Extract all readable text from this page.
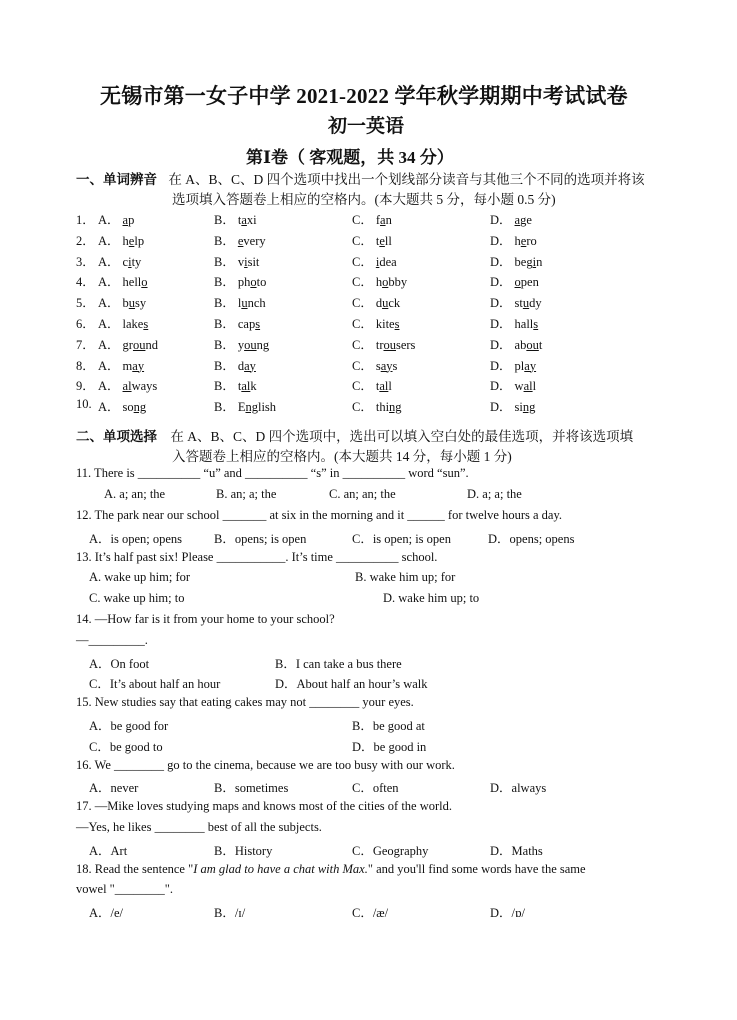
无锡市第一女子中学 2021-2022 学年秋学期期中考试试卷
初一英语
第Ⅰ卷（ 客观题，共 34 分）
一、单词辨音 在 A、B、C、D 四个选项中找出一个划线部分读音与其他三个不同的选项并将该
选项填入答题卷上相应的空格内。(本大题共 5 分，每小题 0.5 分)
1． A． ap	B． taxi	C． fan	D． age
2． A． help	B． every	C． tell	D． hero
3． A． city	B． visit	C． idea	D． begin
4． A． hello	B． photo	C． hobby	D． open
5． A． busy	B． lunch	C． duck	D． study
6． A． lakes	B． caps	C． kites	D． halls
7． A． ground	B． young	C． trousers	D． about
8． A． may	B． day	C． says	D． play
9． A． always	B． talk	C． tall	D． wall
10. A． song	B． English	C． thing	D． sing
二、单项选择 在 A、B、C、D 四个选项中，选出可以填入空白处的最佳选项，并将该选项填
入答题卷上相应的空格内。(本大题共 14 分，每小题 1 分)
11. There is __________ “u” and __________ “s” in __________ word “sun”.
A. a; an; the	B. an; a; the	C. an; an; the	D. a; a; the
12. The park near our school _______ at six in the morning and it ______ for twelve hours a day.
A．is open; opens	B．opens; is open	C．is open; is open	D．opens; opens
13. It’s half past six! Please ___________. It’s time __________ school.
A. wake up him; for	B. wake him up; for
C. wake up him; to	D. wake him up; to
14. —How far is it from your home to your school?
—_________.
A．On foot	B．I can take a bus there
C．It’s about half an hour	D．About half an hour’s walk
15. New studies say that eating cakes may not ________ your eyes.
A．be good for	B．be good at
C．be good to	D．be good in
16. We ________ go to the cinema, because we are too busy with our work.
A．never	B．sometimes	C．often	D．always
17. —Mike loves studying maps and knows most of the cities of the world.
—Yes, he likes ________ best of all the subjects.
A．Art	B．History	C．Geography	D．Maths
18. Read the sentence "I am glad to have a chat with Max." and you'll find some words have the same
vowel "________".
A．/e/	B．/ɪ/	C．/æ/	D．/ɒ/
